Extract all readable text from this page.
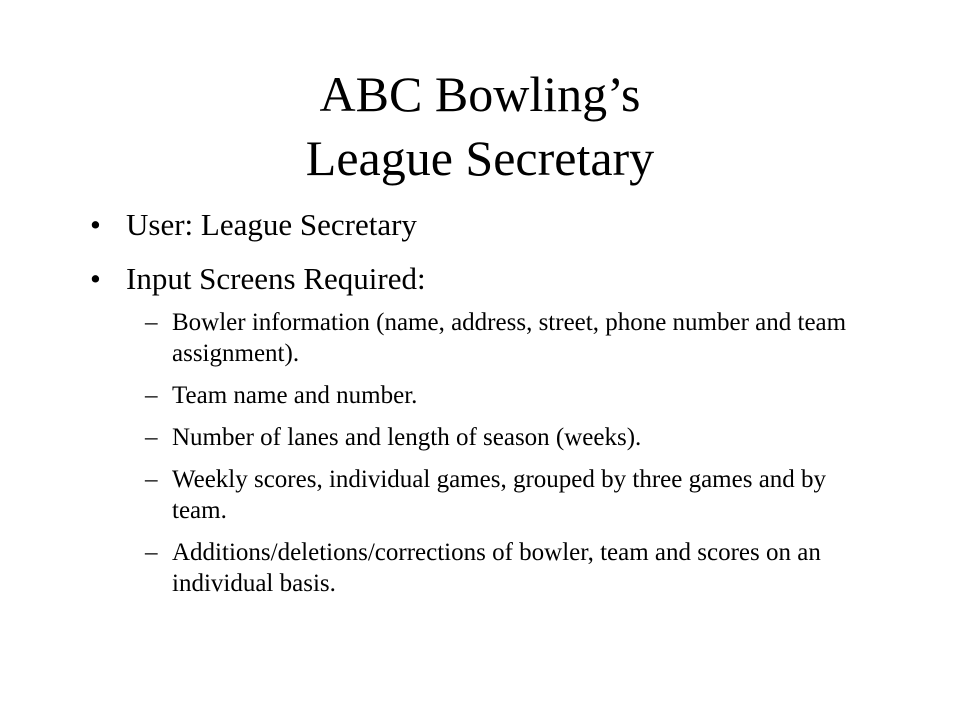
ABC Bowling’s
League Secretary
• User: League Secretary
• Input Screens Required:
– Bowler information (name, address, street, phone number and team assignment).
– Team name and number.
– Number of lanes and length of season (weeks).
– Weekly scores, individual games, grouped by three games and by team.
– Additions/deletions/corrections of bowler, team and scores on an individual basis.
